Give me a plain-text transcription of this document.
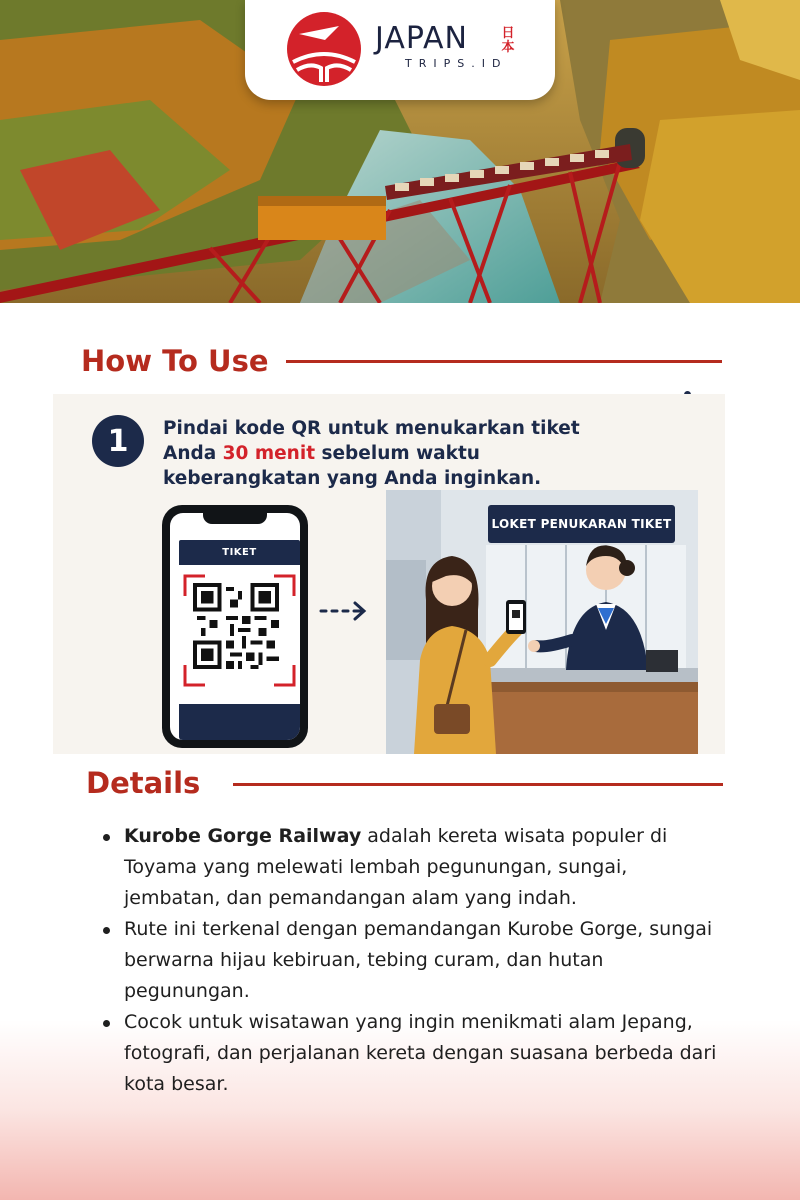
JAPAN	日本
TRIPS.ID
How To Use
1	Pindai kode QR untuk menukarkan tiket Anda 30 menit sebelum waktu keberangkatan yang Anda inginkan.
TIKET
LOKET PENUKARAN TIKET
Details
Kurobe Gorge Railway adalah kereta wisata populer di Toyama yang melewati lembah pegunungan, sungai, jembatan, dan pemandangan alam yang indah.
Rute ini terkenal dengan pemandangan Kurobe Gorge, sungai berwarna hijau kebiruan, tebing curam, dan hutan pegunungan.
Cocok untuk wisatawan yang ingin menikmati alam Jepang, fotografi, dan perjalanan kereta dengan suasana berbeda dari kota besar.
